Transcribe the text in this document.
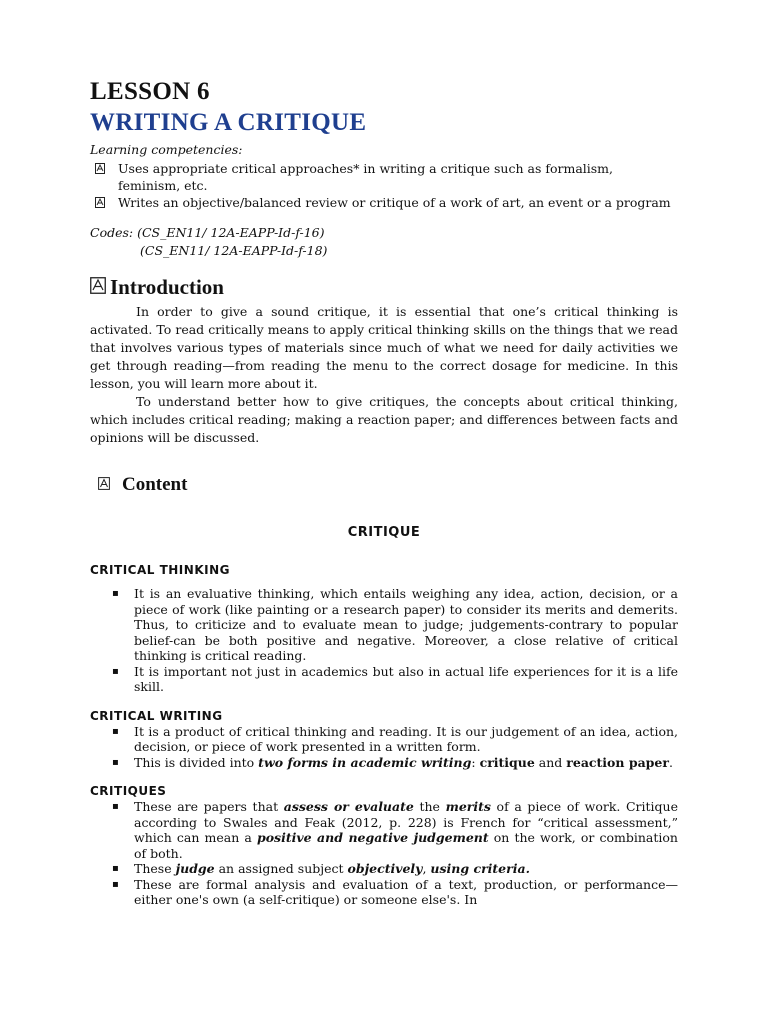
LESSON 6
WRITING A CRITIQUE
Learning competencies:
Uses appropriate critical approaches* in writing a critique such as formalism, feminism, etc.
Writes an objective/balanced review or critique of a work of art, an event or a program
Codes: (CS_EN11/ 12A-EAPP-Id-f-16)
(CS_EN11/ 12A-EAPP-Id-f-18)
Introduction

In order to give a sound critique, it is essential that one’s critical thinking is activated. To read critically means to apply critical thinking skills on the things that we read that involves various types of materials since much of what we need for daily activities we get through reading—from reading the menu to the correct dosage for medicine. In this lesson, you will learn more about it.

To understand better how to give critiques, the concepts about critical thinking, which includes critical reading; making a reaction paper; and differences between facts and opinions will be discussed.

Content
CRITIQUE
CRITICAL THINKING
▪ It is an evaluative thinking, which entails weighing any idea, action, decision, or a piece of work (like painting or a research paper) to consider its merits and demerits. Thus, to criticize and to evaluate mean to judge; judgements-contrary to popular belief-can be both positive and negative. Moreover, a close relative of critical thinking is critical reading.
▪ It is important not just in academics but also in actual life experiences for it is a life skill.
CRITICAL WRITING
▪ It is a product of critical thinking and reading. It is our judgement of an idea, action, decision, or piece of work presented in a written form.
▪ This is divided into two forms in academic writing: critique and reaction paper.
CRITIQUES
▪ These are papers that assess or evaluate the merits of a piece of work. Critique according to Swales and Feak (2012, p. 228) is French for “critical assessment,” which can mean a positive and negative judgement on the work, or combination of both.
▪ These judge an assigned subject objectively, using criteria.
▪ These are formal analysis and evaluation of a text, production, or performance—either one's own (a self-critique) or someone else's. In
